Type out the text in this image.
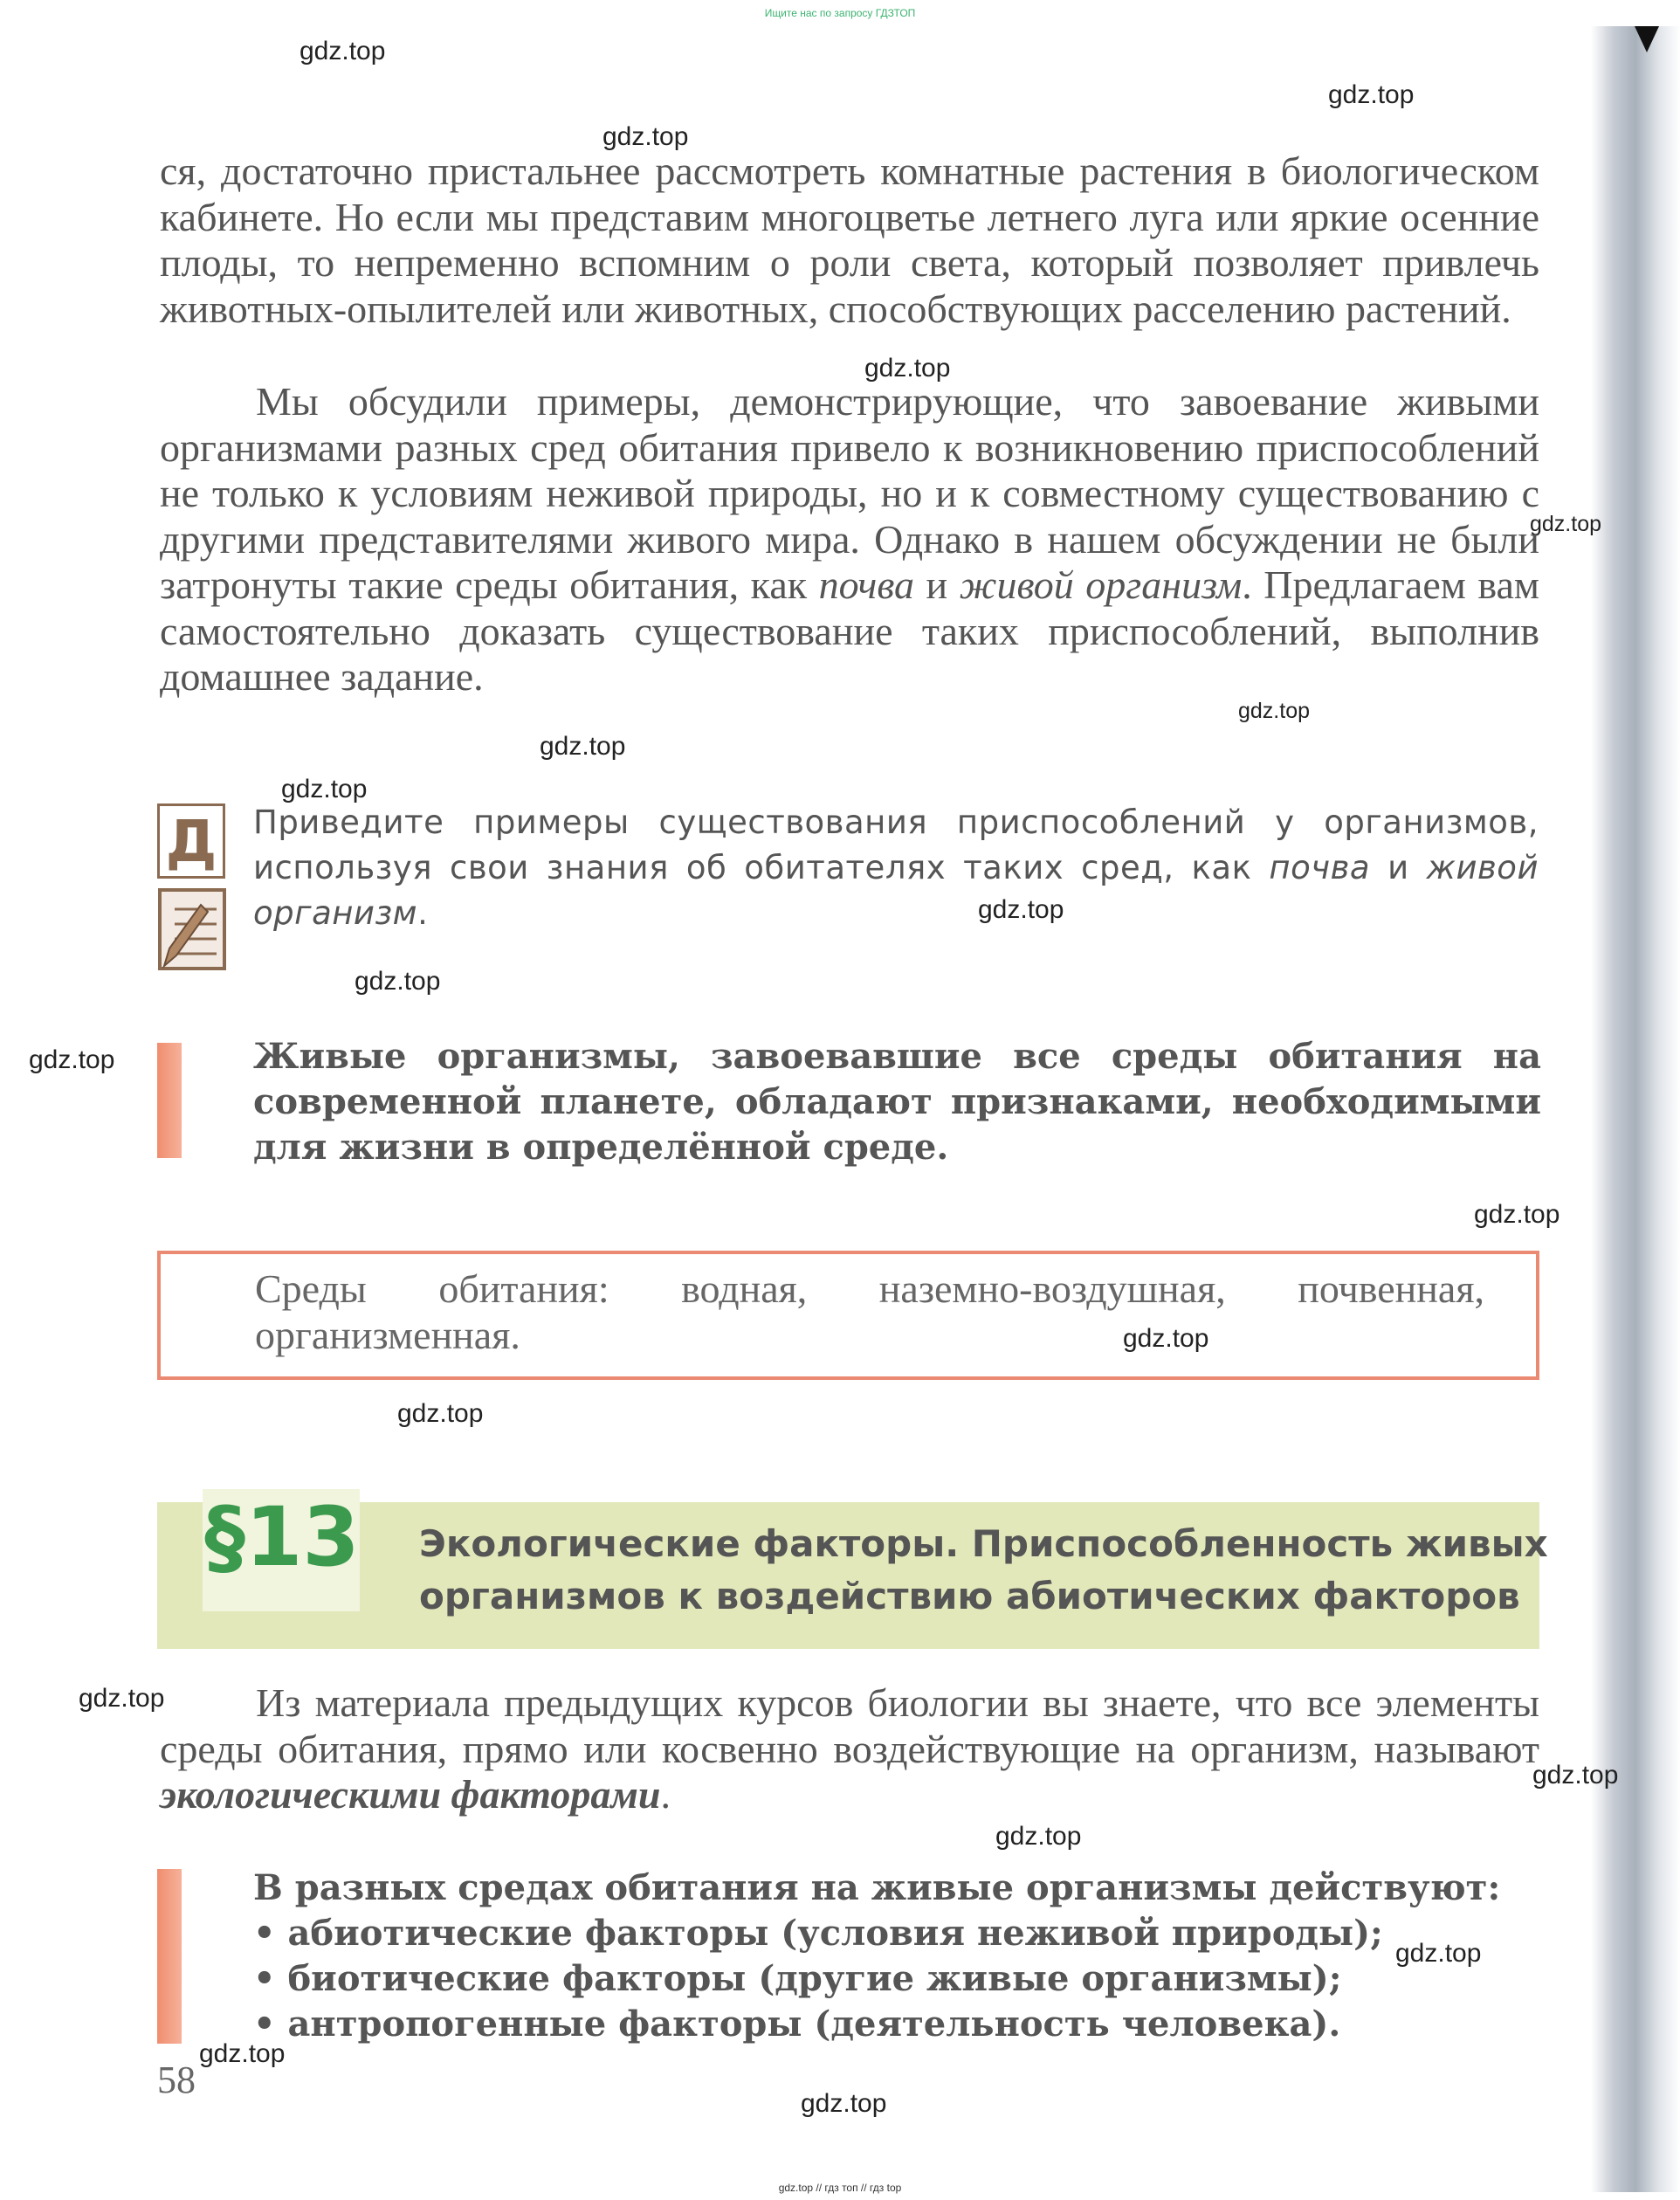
Ищите нас по запросу ГДЗТОП
gdz.top
gdz.top
gdz.top
gdz.top
gdz.top
gdz.top
gdz.top
gdz.top
gdz.top
gdz.top
gdz.top
gdz.top
gdz.top
gdz.top
gdz.top
gdz.top
gdz.top
gdz.top
gdz.top
gdz.top

ся, достаточно пристальнее рассмотреть комнатные растения в биологическом кабинете. Но если мы представим многоцветье летнего луга или яркие осенние плоды, то непременно вспомним о роли света, который позволяет привлечь животных-опылителей или животных, способствующих расселению растений.

Мы обсудили примеры, демонстрирующие, что завоевание живыми организмами разных сред обитания привело к возникновению приспособлений не только к условиям неживой природы, но и к совместному существованию с другими представителями живого мира. Однако в нашем обсуждении не были затронуты такие среды обитания, как почва и живой организм. Предлагаем вам самостоятельно доказать существование таких приспособлений, выполнив домашнее задание.

Д Приведите примеры существования приспособлений у организмов, используя свои знания об обитателях таких сред, как почва и живой организм.

Живые организмы, завоевавшие все среды обитания на современной планете, обладают признаками, необходимыми для жизни в определённой среде.

Среды обитания: водная, наземно-воздушная, почвенная, организменная.

§13 Экологические факторы. Приспособленность живых
организмов к воздействию абиотических факторов

Из материала предыдущих курсов биологии вы знаете, что все элементы среды обитания, прямо или косвенно воздействующие на организм, называют экологическими факторами.

В разных средах обитания на живые организмы действуют:
• абиотические факторы (условия неживой природы);
• биотические факторы (другие живые организмы);
• антропогенные факторы (деятельность человека).
58
gdz.top // гдз топ // гдз top
